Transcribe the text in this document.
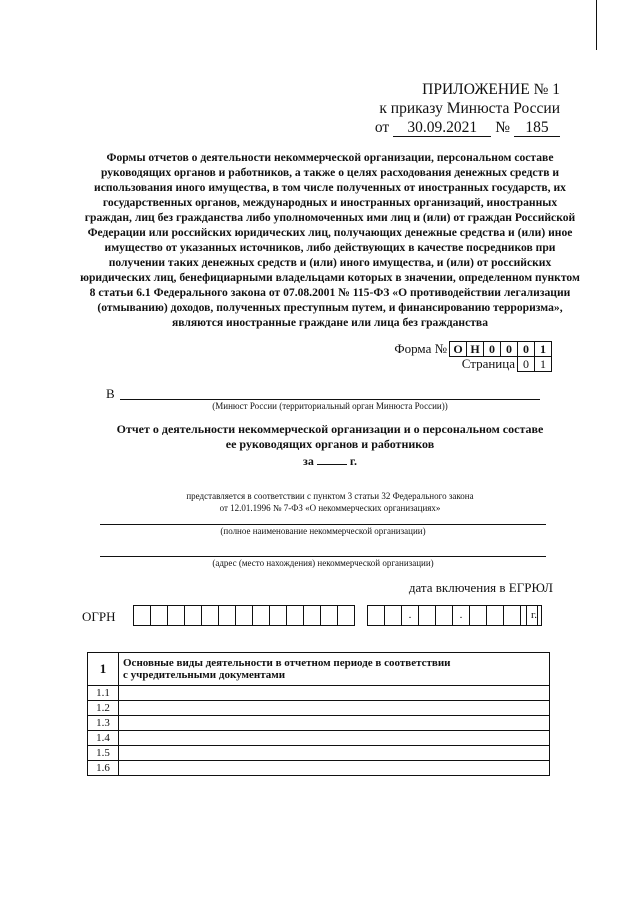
ПРИЛОЖЕНИЕ № 1
к приказу Минюста России
от	30.09.2021	№ 185
Формы отчетов о деятельности некоммерческой организации, персональном составе руководящих органов и работников, а также о целях расходования денежных средств и использования иного имущества, в том числе полученных от иностранных государств, их государственных органов, международных и иностранных организаций, иностранных граждан, лиц без гражданства либо уполномоченных ими лиц и (или) от граждан Российской Федерации или российских юридических лиц, получающих денежные средства и (или) иное имущество от указанных источников, либо действующих в качестве посредников при получении таких денежных средств и (или) иного имущества, и (или) от российских юридических лиц, бенефициарными владельцами которых в значении, определенном пунктом 8 статьи 6.1 Федерального закона от 07.08.2001 № 115-ФЗ «О противодействии легализации (отмыванию) доходов, полученных преступным путем, и финансированию терроризма», являются иностранные граждане или лица без гражданства
Форма № О Н 0 0 0 1
Страница 0 1
В
(Минюст России (территориальный орган Минюста России))
Отчет о деятельности некоммерческой организации и о персональном составе
ее руководящих органов и работников
за	г.
представляется в соответствии с пунктом 3 статьи 32 Федерального закона
от 12.01.1996 № 7-ФЗ «О некоммерческих организациях»
(полное наименование некоммерческой организации)
(адрес (место нахождения) некоммерческой организации)
дата включения в ЕГРЮЛ
ОГРН	.	.	г.
1	Основные виды деятельности в отчетном периоде в соответствии
с учредительными документами

1.1	
1.2	
1.3	
1.4	
1.5	
1.6	
